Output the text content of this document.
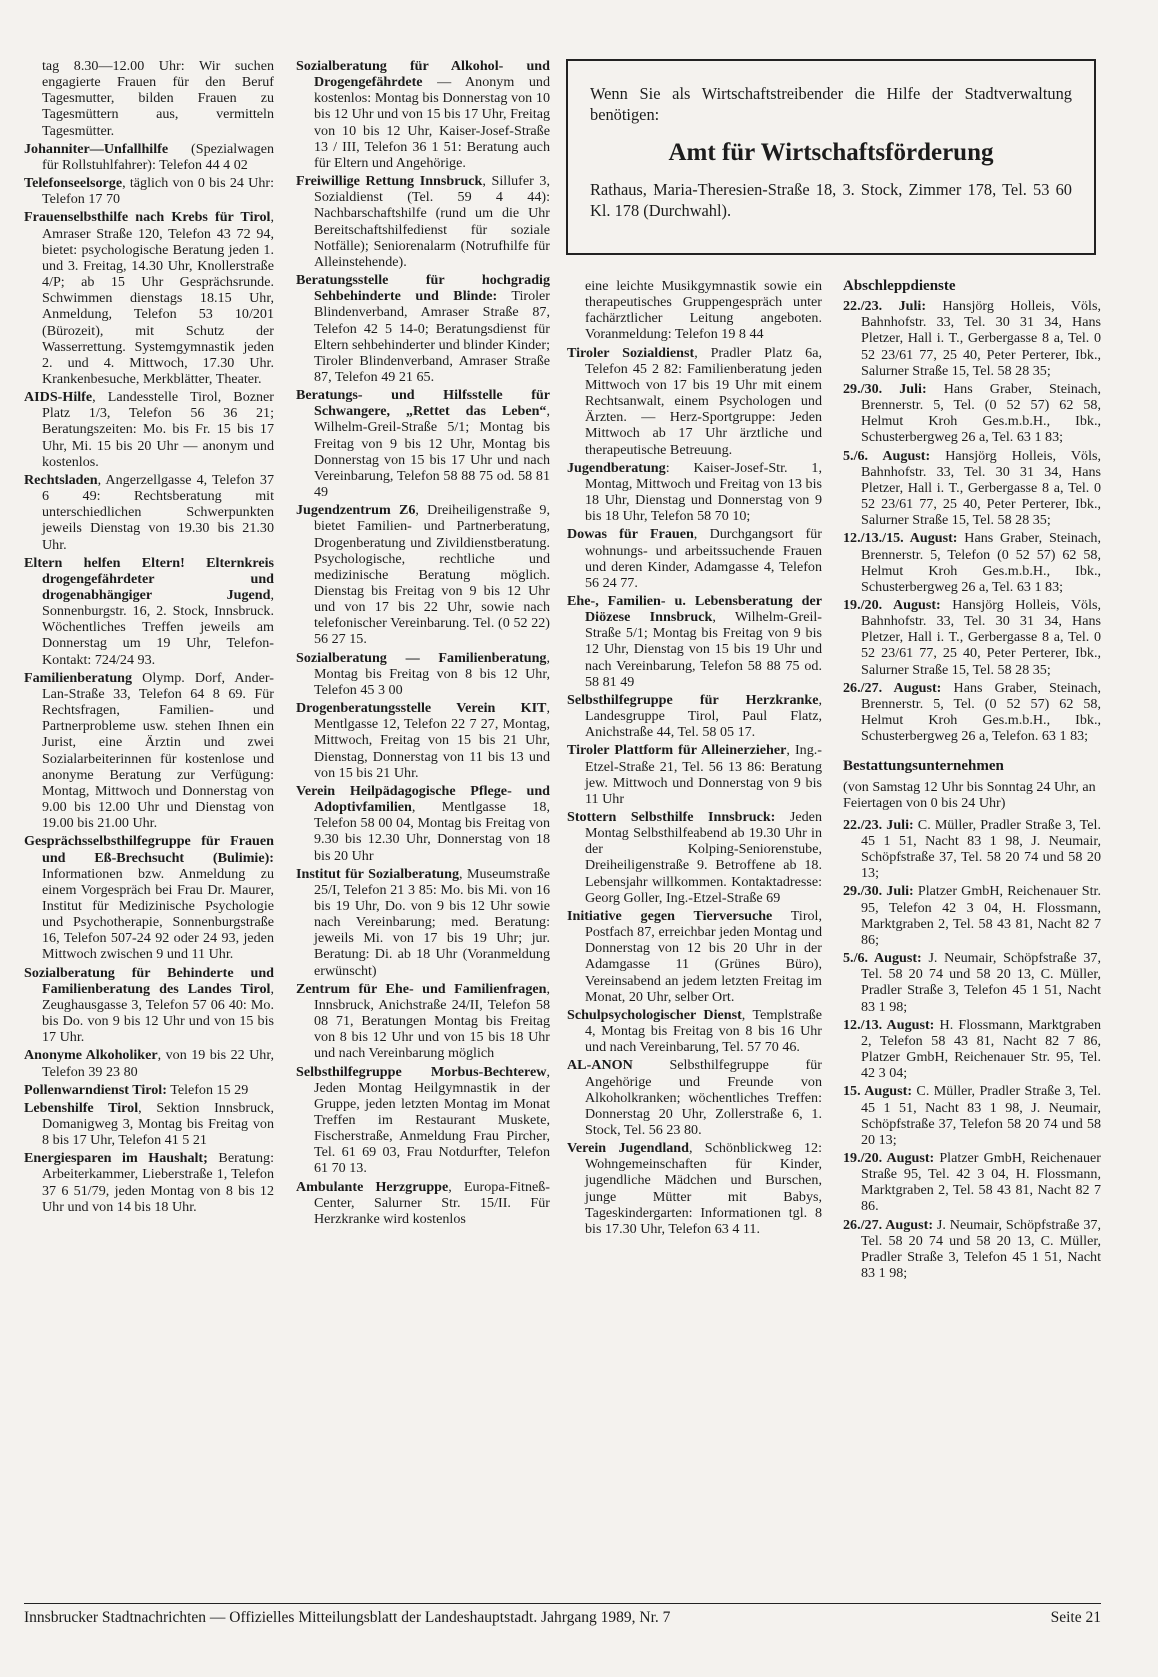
tag 8.30—12.00 Uhr: Wir suchen engagierte Frauen für den Beruf Tagesmutter, bilden Frauen zu Tagesmüttern aus, vermitteln Tagesmütter.

Johanniter—Unfallhilfe (Spezialwagen für Rollstuhlfahrer): Telefon 44 4 02

Telefonseelsorge, täglich von 0 bis 24 Uhr: Telefon 17 70

Frauenselbsthilfe nach Krebs für Tirol, Amraser Straße 120, Telefon 43 72 94, bietet: psychologische Beratung jeden 1. und 3. Freitag, 14.30 Uhr, Knollerstraße 4/P; ab 15 Uhr Gesprächsrunde. Schwimmen dienstags 18.15 Uhr, Anmeldung, Telefon 53 10/201 (Bürozeit), mit Schutz der Wasserrettung. Systemgymnastik jeden 2. und 4. Mittwoch, 17.30 Uhr. Krankenbesuche, Merkblätter, Theater.

AIDS-Hilfe, Landesstelle Tirol, Bozner Platz 1/3, Telefon 56 36 21; Beratungszeiten: Mo. bis Fr. 15 bis 17 Uhr, Mi. 15 bis 20 Uhr — anonym und kostenlos.

Rechtsladen, Angerzellgasse 4, Telefon 37 6 49: Rechtsberatung mit unterschiedlichen Schwerpunkten jeweils Dienstag von 19.30 bis 21.30 Uhr.

Eltern helfen Eltern! Elternkreis drogengefährdeter und drogenabhängiger Jugend, Sonnenburgstr. 16, 2. Stock, Innsbruck. Wöchentliches Treffen jeweils am Donnerstag um 19 Uhr, Telefon-Kontakt: 724/24 93.

Familienberatung Olymp. Dorf, Ander-Lan-Straße 33, Telefon 64 8 69. Für Rechtsfragen, Familien- und Partnerprobleme usw. stehen Ihnen ein Jurist, eine Ärztin und zwei Sozialarbeiterinnen für kostenlose und anonyme Beratung zur Verfügung: Montag, Mittwoch und Donnerstag von 9.00 bis 12.00 Uhr und Dienstag von 19.00 bis 21.00 Uhr.

Gesprächsselbsthilfegruppe für Frauen und Eß-Brechsucht (Bulimie): Informationen bzw. Anmeldung zu einem Vorgespräch bei Frau Dr. Maurer, Institut für Medizinische Psychologie und Psychotherapie, Sonnenburgstraße 16, Telefon 507-24 92 oder 24 93, jeden Mittwoch zwischen 9 und 11 Uhr.

Sozialberatung für Behinderte und Familienberatung des Landes Tirol, Zeughausgasse 3, Telefon 57 06 40: Mo. bis Do. von 9 bis 12 Uhr und von 15 bis 17 Uhr.

Anonyme Alkoholiker, von 19 bis 22 Uhr, Telefon 39 23 80

Pollenwarndienst Tirol: Telefon 15 29

Lebenshilfe Tirol, Sektion Innsbruck, Domanigweg 3, Montag bis Freitag von 8 bis 17 Uhr, Telefon 41 5 21

Energiesparen im Haushalt; Beratung: Arbeiterkammer, Lieberstraße 1, Telefon 37 6 51/79, jeden Montag von 8 bis 12 Uhr und von 14 bis 18 Uhr.

Sozialberatung für Alkohol- und Drogengefährdete — Anonym und kostenlos: Montag bis Donnerstag von 10 bis 12 Uhr und von 15 bis 17 Uhr, Freitag von 10 bis 12 Uhr, Kaiser-Josef-Straße 13 / III, Telefon 36 1 51: Beratung auch für Eltern und Angehörige.

Freiwillige Rettung Innsbruck, Sillufer 3, Sozialdienst (Tel. 59 4 44): Nachbarschaftshilfe (rund um die Uhr Bereitschaftshilfedienst für soziale Notfälle); Seniorenalarm (Notrufhilfe für Alleinstehende).

Beratungsstelle für hochgradig Sehbehinderte und Blinde: Tiroler Blindenverband, Amraser Straße 87, Telefon 42 5 14-0; Beratungsdienst für Eltern sehbehinderter und blinder Kinder; Tiroler Blindenverband, Amraser Straße 87, Telefon 49 21 65.

Beratungs- und Hilfsstelle für Schwangere, „Rettet das Leben“, Wilhelm-Greil-Straße 5/1; Montag bis Freitag von 9 bis 12 Uhr, Montag bis Donnerstag von 15 bis 17 Uhr und nach Vereinbarung, Telefon 58 88 75 od. 58 81 49

Jugendzentrum Z6, Dreiheiligenstraße 9, bietet Familien- und Partnerberatung, Drogenberatung und Zivildienstberatung. Psychologische, rechtliche und medizinische Beratung möglich. Dienstag bis Freitag von 9 bis 12 Uhr und von 17 bis 22 Uhr, sowie nach telefonischer Vereinbarung. Tel. (0 52 22) 56 27 15.

Sozialberatung — Familienberatung, Montag bis Freitag von 8 bis 12 Uhr, Telefon 45 3 00

Drogenberatungsstelle Verein KIT, Mentlgasse 12, Telefon 22 7 27, Montag, Mittwoch, Freitag von 15 bis 21 Uhr, Dienstag, Donnerstag von 11 bis 13 und von 15 bis 21 Uhr.

Verein Heilpädagogische Pflege- und Adoptivfamilien, Mentlgasse 18, Telefon 58 00 04, Montag bis Freitag von 9.30 bis 12.30 Uhr, Donnerstag von 18 bis 20 Uhr

Institut für Sozialberatung, Museumstraße 25/I, Telefon 21 3 85: Mo. bis Mi. von 16 bis 19 Uhr, Do. von 9 bis 12 Uhr sowie nach Vereinbarung; med. Beratung: jeweils Mi. von 17 bis 19 Uhr; jur. Beratung: Di. ab 18 Uhr (Voranmeldung erwünscht)

Zentrum für Ehe- und Familienfragen, Innsbruck, Anichstraße 24/II, Telefon 58 08 71, Beratungen Montag bis Freitag von 8 bis 12 Uhr und von 15 bis 18 Uhr und nach Vereinbarung möglich

Selbsthilfegruppe Morbus-Bechterew, Jeden Montag Heilgymnastik in der Gruppe, jeden letzten Montag im Monat Treffen im Restaurant Muskete, Fischerstraße, Anmeldung Frau Pircher, Tel. 61 69 03, Frau Notdurfter, Telefon 61 70 13.

Ambulante Herzgruppe, Europa-Fitneß-Center, Salurner Str. 15/II. Für Herzkranke wird kostenlos

Wenn Sie als Wirtschaftstreibender die Hilfe der Stadtverwaltung benötigen:
Amt für Wirtschaftsförderung
Rathaus, Maria-Theresien-Straße 18, 3. Stock, Zimmer 178, Tel. 53 60 Kl. 178 (Durchwahl).

eine leichte Musikgymnastik sowie ein therapeutisches Gruppengespräch unter fachärztlicher Leitung angeboten. Voranmeldung: Telefon 19 8 44

Tiroler Sozialdienst, Pradler Platz 6a, Telefon 45 2 82: Familienberatung jeden Mittwoch von 17 bis 19 Uhr mit einem Rechtsanwalt, einem Psychologen und Ärzten. — Herz-Sportgruppe: Jeden Mittwoch ab 17 Uhr ärztliche und therapeutische Betreuung.

Jugendberatung: Kaiser-Josef-Str. 1, Montag, Mittwoch und Freitag von 13 bis 18 Uhr, Dienstag und Donnerstag von 9 bis 18 Uhr, Telefon 58 70 10;

Dowas für Frauen, Durchgangsort für wohnungs- und arbeitssuchende Frauen und deren Kinder, Adamgasse 4, Telefon 56 24 77.

Ehe-, Familien- u. Lebensberatung der Diözese Innsbruck, Wilhelm-Greil-Straße 5/1; Montag bis Freitag von 9 bis 12 Uhr, Dienstag von 15 bis 19 Uhr und nach Vereinbarung, Telefon 58 88 75 od. 58 81 49

Selbsthilfegruppe für Herzkranke, Landesgruppe Tirol, Paul Flatz, Anichstraße 44, Tel. 58 05 17.

Tiroler Plattform für Alleinerzieher, Ing.-Etzel-Straße 21, Tel. 56 13 86: Beratung jew. Mittwoch und Donnerstag von 9 bis 11 Uhr

Stottern Selbsthilfe Innsbruck: Jeden Montag Selbsthilfeabend ab 19.30 Uhr in der Kolping-Seniorenstube, Dreiheiligenstraße 9. Betroffene ab 18. Lebensjahr willkommen. Kontaktadresse: Georg Goller, Ing.-Etzel-Straße 69

Initiative gegen Tierversuche Tirol, Postfach 87, erreichbar jeden Montag und Donnerstag von 12 bis 20 Uhr in der Adamgasse 11 (Grünes Büro), Vereinsabend an jedem letzten Freitag im Monat, 20 Uhr, selber Ort.

Schulpsychologischer Dienst, Templstraße 4, Montag bis Freitag von 8 bis 16 Uhr und nach Vereinbarung, Tel. 57 70 46.

AL-ANON Selbsthilfegruppe für Angehörige und Freunde von Alkoholkranken; wöchentliches Treffen: Donnerstag 20 Uhr, Zollerstraße 6, 1. Stock, Tel. 56 23 80.

Verein Jugendland, Schönblickweg 12: Wohngemeinschaften für Kinder, jugendliche Mädchen und Burschen, junge Mütter mit Babys, Tageskindergarten: Informationen tgl. 8 bis 17.30 Uhr, Telefon 63 4 11.

Abschleppdienste

22./23. Juli: Hansjörg Holleis, Völs, Bahnhofstr. 33, Tel. 30 31 34, Hans Pletzer, Hall i. T., Gerbergasse 8 a, Tel. 0 52 23/61 77, 25 40, Peter Perterer, Ibk., Salurner Straße 15, Tel. 58 28 35;

29./30. Juli: Hans Graber, Steinach, Brennerstr. 5, Tel. (0 52 57) 62 58, Helmut Kroh Ges.m.b.H., Ibk., Schusterbergweg 26 a, Tel. 63 1 83;

5./6. August: Hansjörg Holleis, Völs, Bahnhofstr. 33, Tel. 30 31 34, Hans Pletzer, Hall i. T., Gerbergasse 8 a, Tel. 0 52 23/61 77, 25 40, Peter Perterer, Ibk., Salurner Straße 15, Tel. 58 28 35;

12./13./15. August: Hans Graber, Steinach, Brennerstr. 5, Telefon (0 52 57) 62 58, Helmut Kroh Ges.m.b.H., Ibk., Schusterbergweg 26 a, Tel. 63 1 83;

19./20. August: Hansjörg Holleis, Völs, Bahnhofstr. 33, Tel. 30 31 34, Hans Pletzer, Hall i. T., Gerbergasse 8 a, Tel. 0 52 23/61 77, 25 40, Peter Perterer, Ibk., Salurner Straße 15, Tel. 58 28 35;

26./27. August: Hans Graber, Steinach, Brennerstr. 5, Tel. (0 52 57) 62 58, Helmut Kroh Ges.m.b.H., Ibk., Schusterbergweg 26 a, Telefon. 63 1 83;

Bestattungsunternehmen
(von Samstag 12 Uhr bis Sonntag 24 Uhr, an Feiertagen von 0 bis 24 Uhr)

22./23. Juli: C. Müller, Pradler Straße 3, Tel. 45 1 51, Nacht 83 1 98, J. Neumair, Schöpfstraße 37, Tel. 58 20 74 und 58 20 13;

29./30. Juli: Platzer GmbH, Reichenauer Str. 95, Telefon 42 3 04, H. Flossmann, Marktgraben 2, Tel. 58 43 81, Nacht 82 7 86;

5./6. August: J. Neumair, Schöpfstraße 37, Tel. 58 20 74 und 58 20 13, C. Müller, Pradler Straße 3, Telefon 45 1 51, Nacht 83 1 98;

12./13. August: H. Flossmann, Marktgraben 2, Telefon 58 43 81, Nacht 82 7 86, Platzer GmbH, Reichenauer Str. 95, Tel. 42 3 04;

15. August: C. Müller, Pradler Straße 3, Tel. 45 1 51, Nacht 83 1 98, J. Neumair, Schöpfstraße 37, Telefon 58 20 74 und 58 20 13;

19./20. August: Platzer GmbH, Reichenauer Straße 95, Tel. 42 3 04, H. Flossmann, Marktgraben 2, Tel. 58 43 81, Nacht 82 7 86.

26./27. August: J. Neumair, Schöpfstraße 37, Tel. 58 20 74 und 58 20 13, C. Müller, Pradler Straße 3, Telefon 45 1 51, Nacht 83 1 98;

Innsbrucker Stadtnachrichten — Offizielles Mitteilungsblatt der Landeshauptstadt. Jahrgang 1989, Nr. 7	Seite 21
